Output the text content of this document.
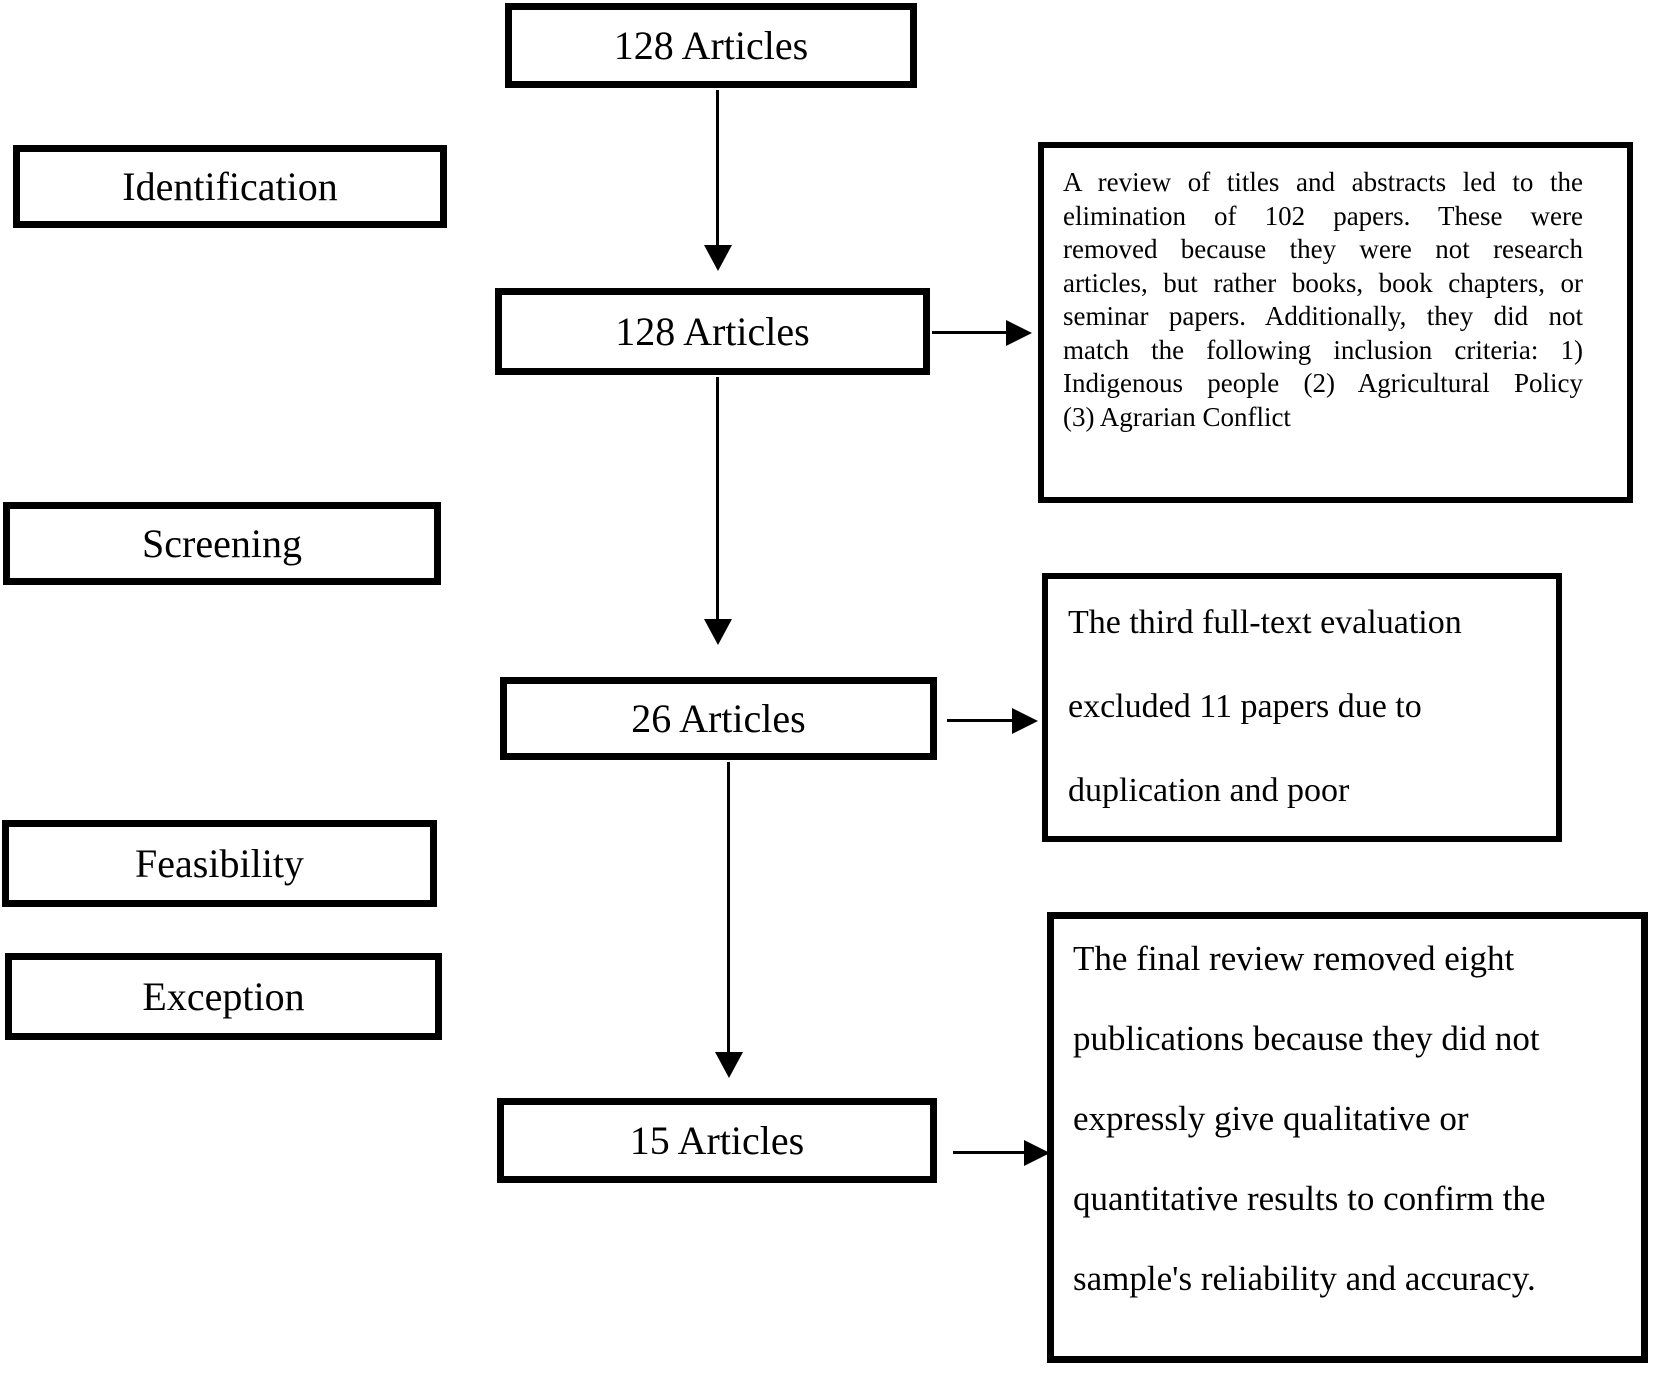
128 Articles
128 Articles
26 Articles
15 Articles
Identification
Screening
Feasibility
Exception
A review of titles and abstracts led to the
elimination of 102 papers. These were
removed because they were not research
articles, but rather books, book chapters, or
seminar papers. Additionally, they did not
match the following inclusion criteria: 1)
Indigenous people (2) Agricultural Policy
(3) Agrarian Conflict
The third full-text evaluation
excluded 11 papers due to
duplication and poor
The final review removed eight
publications because they did not
expressly give qualitative or
quantitative results to confirm the
sample's reliability and accuracy.
